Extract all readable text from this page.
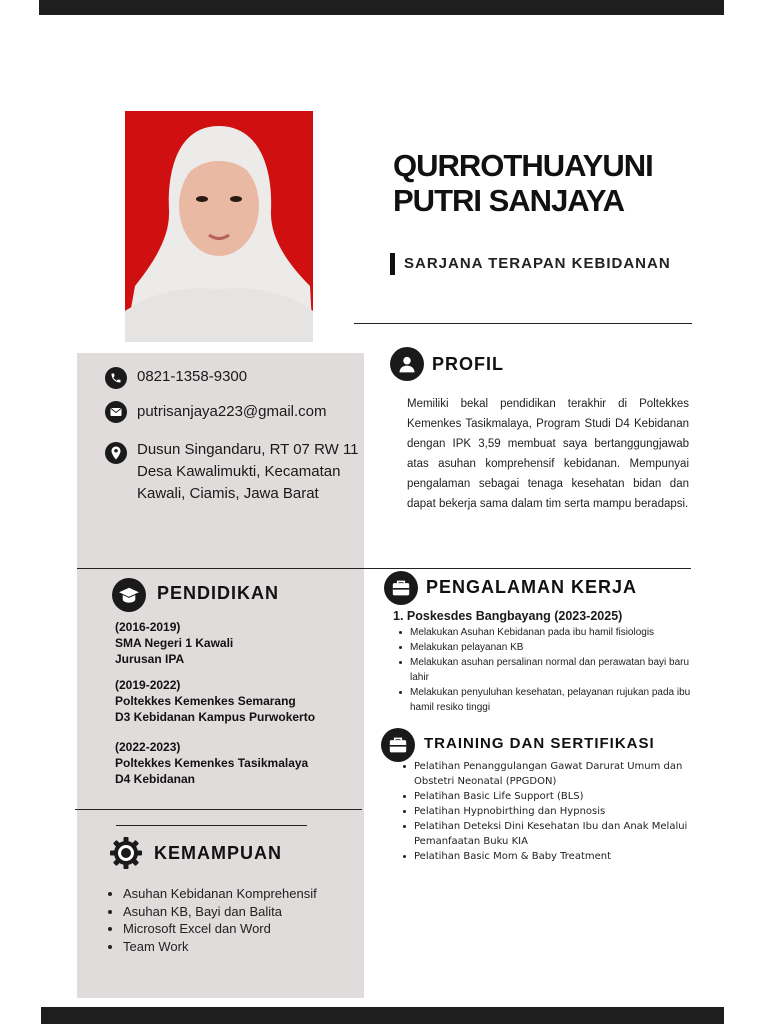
QURROTHUAYUNI
PUTRI SANJAYA
SARJANA TERAPAN KEBIDANAN
0821-1358-9300
putrisanjaya223@gmail.com
Dusun Singandaru, RT 07 RW 11
Desa Kawalimukti, Kecamatan
Kawali, Ciamis, Jawa Barat
PROFIL

Memiliki bekal pendidikan terakhir di Poltekkes Kemenkes Tasikmalaya, Program Studi D4 Kebidanan dengan IPK 3,59 membuat saya bertanggungjawab atas asuhan komprehensif kebidanan. Mempunyai pengalaman sebagai tenaga kesehatan bidan dan dapat bekerja sama dalam tim serta mampu beradapsi.

PENDIDIKAN
(2016-2019)
SMA Negeri 1 Kawali
Jurusan IPA
(2019-2022)
Poltekkes Kemenkes Semarang
D3 Kebidanan Kampus Purwokerto
(2022-2023)
Poltekkes Kemenkes Tasikmalaya
D4 Kebidanan
KEMAMPUAN
Asuhan Kebidanan Komprehensif
Asuhan KB, Bayi dan Balita
Microsoft Excel dan Word
Team Work
PENGALAMAN KERJA
1. Poskesdes Bangbayang (2023-2025)
Melakukan Asuhan Kebidanan pada ibu hamil fisiologis
Melakukan pelayanan KB
Melakukan asuhan persalinan normal dan perawatan bayi baru lahir
Melakukan penyuluhan kesehatan, pelayanan rujukan pada ibu hamil resiko tinggi
TRAINING DAN SERTIFIKASI
Pelatihan Penanggulangan Gawat Darurat Umum dan Obstetri Neonatal (PPGDON)
Pelatihan Basic Life Support (BLS)
Pelatihan Hypnobirthing dan Hypnosis
Pelatihan Deteksi Dini Kesehatan Ibu dan Anak Melalui Pemanfaatan Buku KIA
Pelatihan Basic Mom & Baby Treatment
